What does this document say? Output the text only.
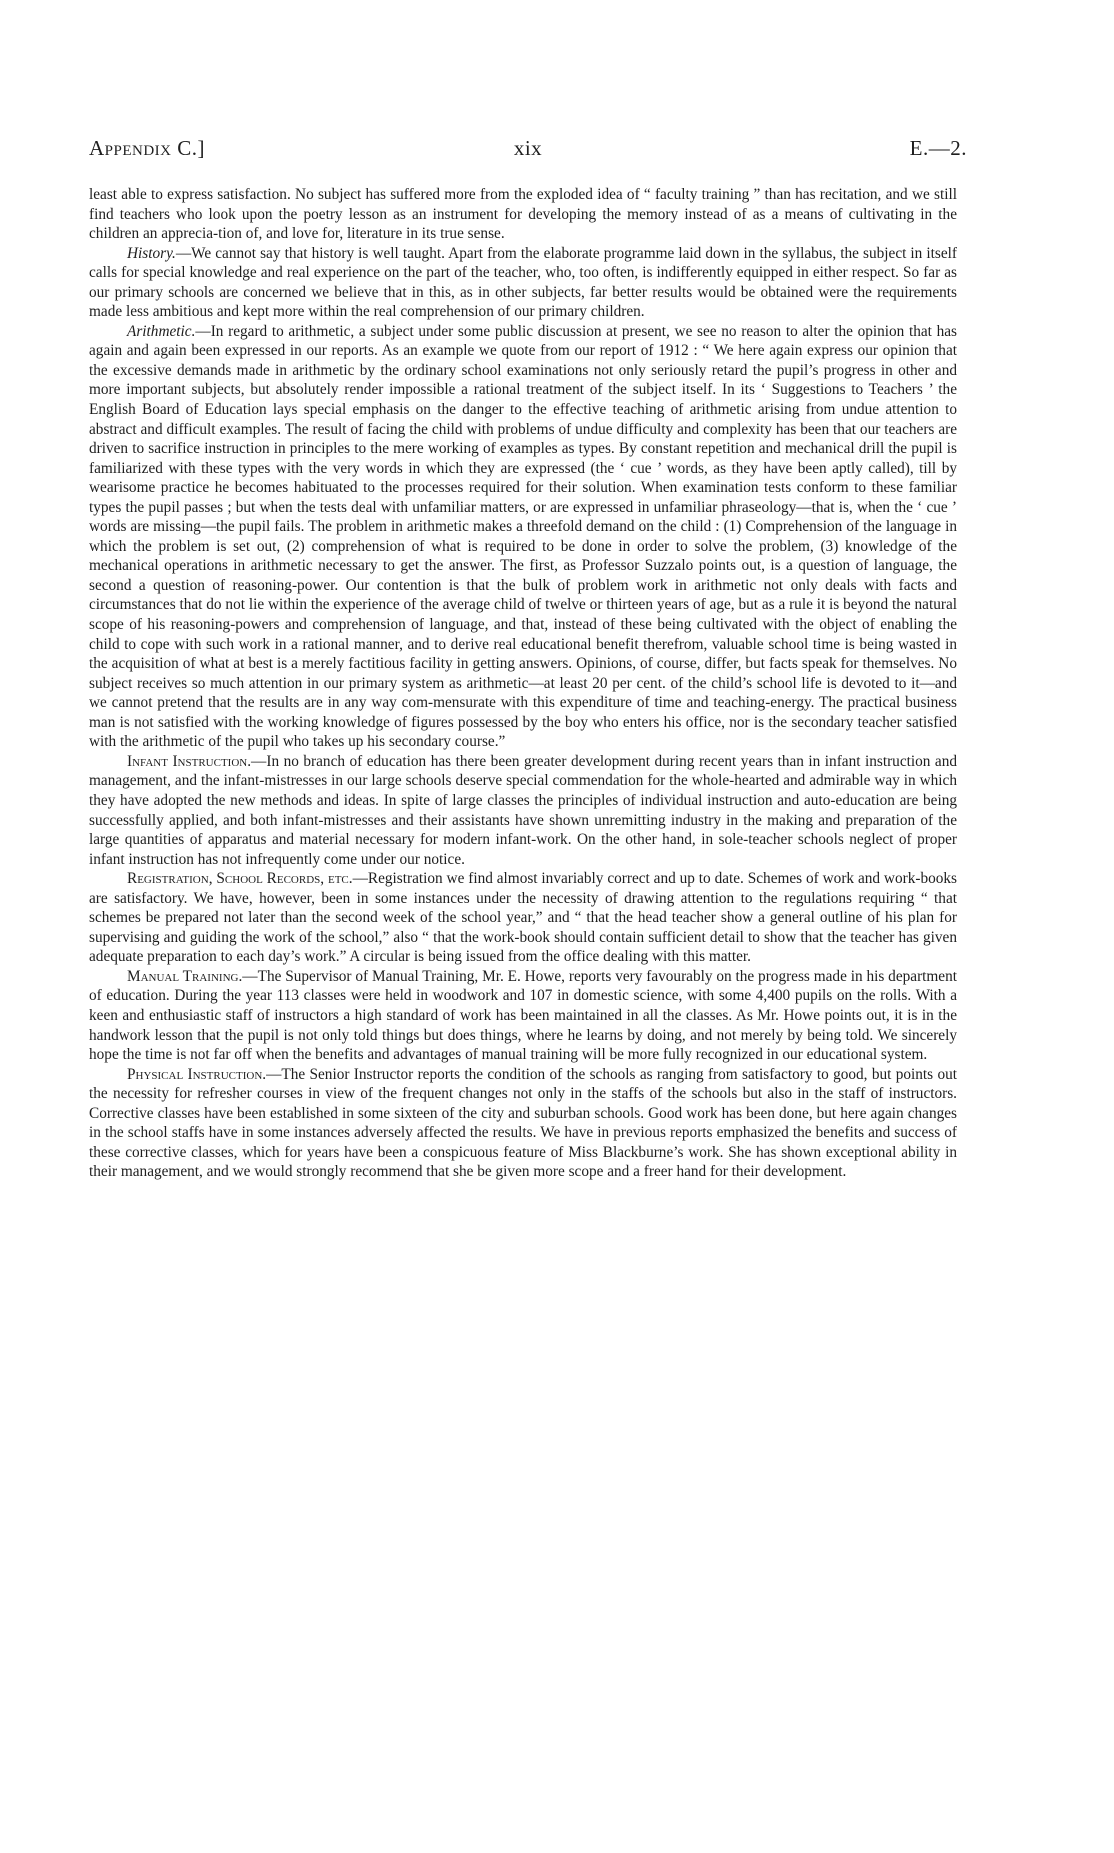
Appendix C.]	xix	E.—2.

least able to express satisfaction. No subject has suffered more from the exploded idea of “ faculty training ” than has recitation, and we still find teachers who look upon the poetry lesson as an instrument for developing the memory instead of as a means of cultivating in the children an apprecia-tion of, and love for, literature in its true sense.

History.—We cannot say that history is well taught. Apart from the elaborate programme laid down in the syllabus, the subject in itself calls for special knowledge and real experience on the part of the teacher, who, too often, is indifferently equipped in either respect. So far as our primary schools are concerned we believe that in this, as in other subjects, far better results would be obtained were the requirements made less ambitious and kept more within the real comprehension of our primary children.

Arithmetic.—In regard to arithmetic, a subject under some public discussion at present, we see no reason to alter the opinion that has again and again been expressed in our reports. As an example we quote from our report of 1912 : “ We here again express our opinion that the excessive demands made in arithmetic by the ordinary school examinations not only seriously retard the pupil’s progress in other and more important subjects, but absolutely render impossible a rational treatment of the subject itself. In its ‘ Suggestions to Teachers ’ the English Board of Education lays special emphasis on the danger to the effective teaching of arithmetic arising from undue attention to abstract and difficult examples. The result of facing the child with problems of undue difficulty and complexity has been that our teachers are driven to sacrifice instruction in principles to the mere working of examples as types. By constant repetition and mechanical drill the pupil is familiarized with these types with the very words in which they are expressed (the ‘ cue ’ words, as they have been aptly called), till by wearisome practice he becomes habituated to the processes required for their solution. When examination tests conform to these familiar types the pupil passes ; but when the tests deal with unfamiliar matters, or are expressed in unfamiliar phraseology—that is, when the ‘ cue ’ words are missing—the pupil fails. The problem in arithmetic makes a threefold demand on the child : (1) Comprehension of the language in which the problem is set out, (2) comprehension of what is required to be done in order to solve the problem, (3) knowledge of the mechanical operations in arithmetic necessary to get the answer. The first, as Professor Suzzalo points out, is a question of language, the second a question of reasoning-power. Our contention is that the bulk of problem work in arithmetic not only deals with facts and circumstances that do not lie within the experience of the average child of twelve or thirteen years of age, but as a rule it is beyond the natural scope of his reasoning-powers and comprehension of language, and that, instead of these being cultivated with the object of enabling the child to cope with such work in a rational manner, and to derive real educational benefit therefrom, valuable school time is being wasted in the acquisition of what at best is a merely factitious facility in getting answers. Opinions, of course, differ, but facts speak for themselves. No subject receives so much attention in our primary system as arithmetic—at least 20 per cent. of the child’s school life is devoted to it—and we cannot pretend that the results are in any way com-mensurate with this expenditure of time and teaching-energy. The practical business man is not satisfied with the working knowledge of figures possessed by the boy who enters his office, nor is the secondary teacher satisfied with the arithmetic of the pupil who takes up his secondary course.”

Infant Instruction.—In no branch of education has there been greater development during recent years than in infant instruction and management, and the infant-mistresses in our large schools deserve special commendation for the whole-hearted and admirable way in which they have adopted the new methods and ideas. In spite of large classes the principles of individual instruction and auto-education are being successfully applied, and both infant-mistresses and their assistants have shown unremitting industry in the making and preparation of the large quantities of apparatus and material necessary for modern infant-work. On the other hand, in sole-teacher schools neglect of proper infant instruction has not infrequently come under our notice.

Registration, School Records, etc.—Registration we find almost invariably correct and up to date. Schemes of work and work-books are satisfactory. We have, however, been in some instances under the necessity of drawing attention to the regulations requiring “ that schemes be prepared not later than the second week of the school year,” and “ that the head teacher show a general outline of his plan for supervising and guiding the work of the school,” also “ that the work-book should contain sufficient detail to show that the teacher has given adequate preparation to each day’s work.” A circular is being issued from the office dealing with this matter.

Manual Training.—The Supervisor of Manual Training, Mr. E. Howe, reports very favourably on the progress made in his department of education. During the year 113 classes were held in woodwork and 107 in domestic science, with some 4,400 pupils on the rolls. With a keen and enthusiastic staff of instructors a high standard of work has been maintained in all the classes. As Mr. Howe points out, it is in the handwork lesson that the pupil is not only told things but does things, where he learns by doing, and not merely by being told. We sincerely hope the time is not far off when the benefits and advantages of manual training will be more fully recognized in our educational system.

Physical Instruction.—The Senior Instructor reports the condition of the schools as ranging from satisfactory to good, but points out the necessity for refresher courses in view of the frequent changes not only in the staffs of the schools but also in the staff of instructors. Corrective classes have been established in some sixteen of the city and suburban schools. Good work has been done, but here again changes in the school staffs have in some instances adversely affected the results. We have in previous reports emphasized the benefits and success of these corrective classes, which for years have been a conspicuous feature of Miss Blackburne’s work. She has shown exceptional ability in their management, and we would strongly recommend that she be given more scope and a freer hand for their development.
